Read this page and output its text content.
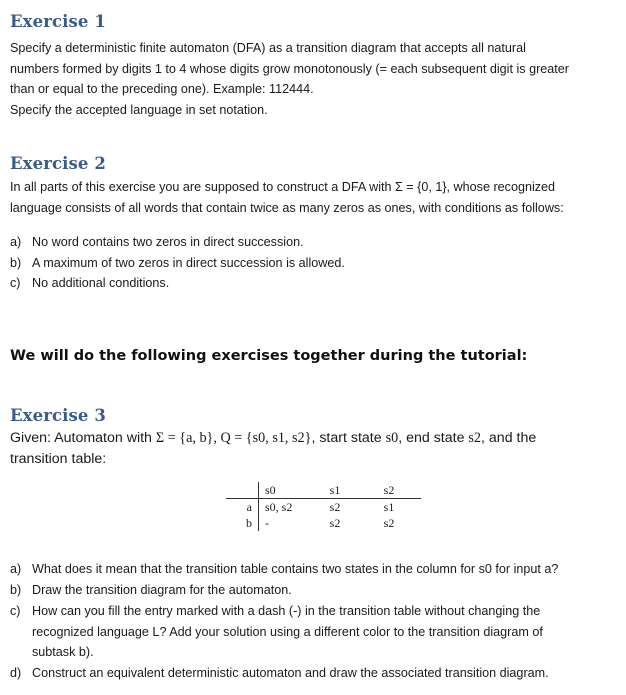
Exercise 1

Specify a deterministic finite automaton (DFA) as a transition diagram that accepts all natural

numbers formed by digits 1 to 4 whose digits grow monotonously (= each subsequent digit is greater

than or equal to the preceding one). Example: 112444.

Specify the accepted language in set notation.

Exercise 2

In all parts of this exercise you are supposed to construct a DFA with Σ = {0, 1}, whose recognized

language consists of all words that contain twice as many zeros as ones, with conditions as follows:

a) No word contains two zeros in direct succession.
b) A maximum of two zeros in direct succession is allowed.
c) No additional conditions.
We will do the following exercises together during the tutorial:
Exercise 3
Given: Automaton with Σ = {a, b}, Q = {s0, s1, s2}, start state s0, end state s2, and the
transition table:
	s0	s1	s2
a	s0, s2	s2	s1
b	-	s2	s2
a) What does it mean that the transition table contains two states in the column for s0 for input a?
b) Draw the transition diagram for the automaton.
c) How can you fill the entry marked with a dash (-) in the transition table without changing the
recognized language L? Add your solution using a different color to the transition diagram of
subtask b).
d) Construct an equivalent deterministic automaton and draw the associated transition diagram.
